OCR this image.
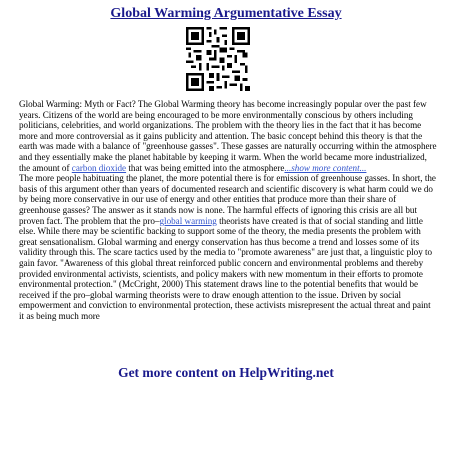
Global Warming Argumentative Essay

Global Warming: Myth or Fact? The Global Warming theory has become increasingly popular over the past few years. Citizens of the world are being encouraged to be more environmentally conscious by others including politicians, celebrities, and world organizations. The problem with the theory lies in the fact that it has become more and more controversial as it gains publicity and attention. The basic concept behind this theory is that the earth was made with a balance of "greenhouse gasses". These gasses are naturally occurring within the atmosphere and they essentially make the planet habitable by keeping it warm. When the world became more industrialized, the amount of carbon dioxide that was being emitted into the atmosphere...show more content...

The more people habituating the planet, the more potential there is for emission of greenhouse gasses. In short, the basis of this argument other than years of documented research and scientific discovery is what harm could we do by being more conservative in our use of energy and other entities that produce more than their share of greenhouse gasses? The answer as it stands now is none. The harmful effects of ignoring this crisis are all but proven fact. The problem that the pro–global warming theorists have created is that of social standing and little else. While there may be scientific backing to support some of the theory, the media presents the problem with great sensationalism. Global warming and energy conservation has thus become a trend and losses some of its validity through this. The scare tactics used by the media to "promote awareness" are just that, a linguistic ploy to gain favor. "Awareness of this global threat reinforced public concern and environmental problems and thereby provided environmental activists, scientists, and policy makers with new momentum in their efforts to promote environmental protection." (McCright, 2000) This statement draws line to the potential benefits that would be received if the pro–global warming theorists were to draw enough attention to the issue. Driven by social empowerment and conviction to environmental protection, these activists misrepresent the actual threat and paint it as being much more

Get more content on HelpWriting.net
